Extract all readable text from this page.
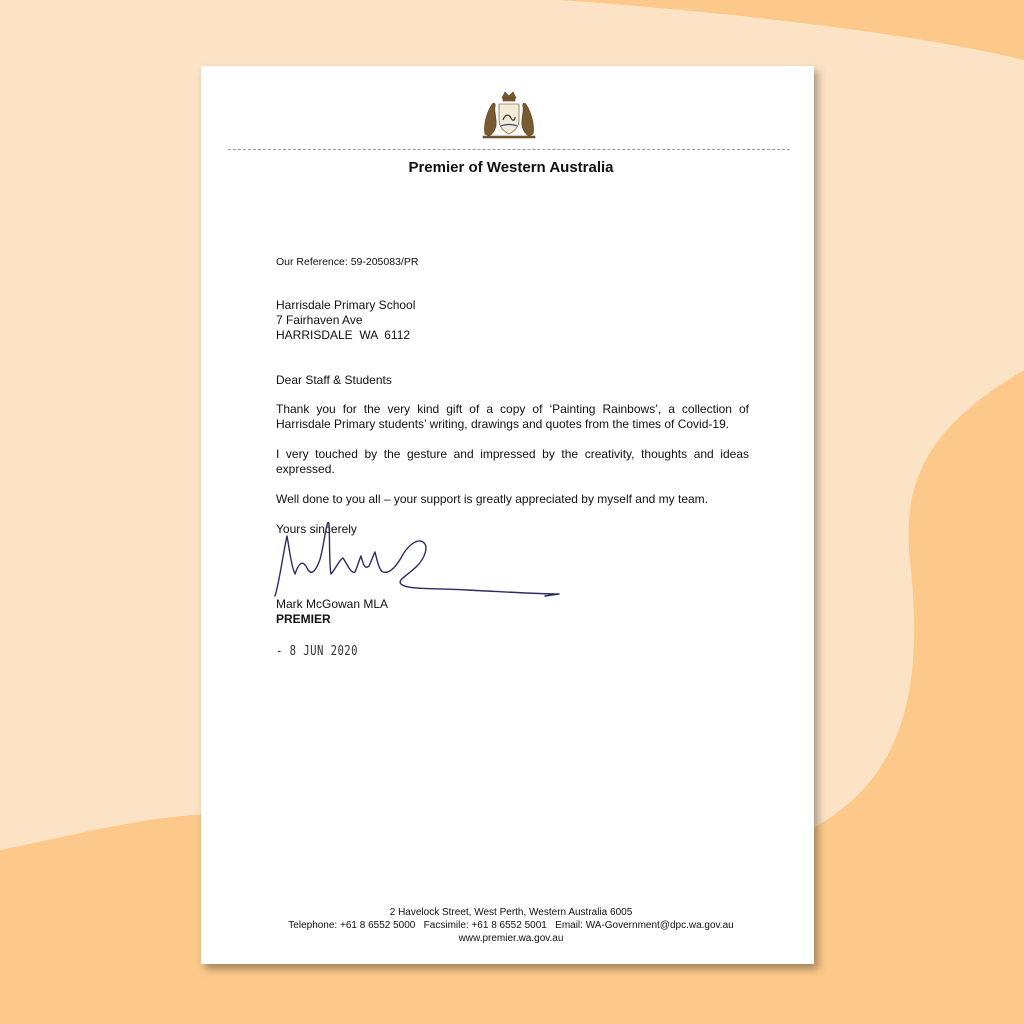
Premier of Western Australia
Our Reference: 59-205083/PR
Harrisdale Primary School
7 Fairhaven Ave
HARRISDALE  WA  6112
Dear Staff & Students
Thank you for the very kind gift of a copy of ‘Painting Rainbows’, a collection of Harrisdale Primary students’ writing, drawings and quotes from the times of Covid-19.
I very touched by the gesture and impressed by the creativity, thoughts and ideas expressed.
Well done to you all – your support is greatly appreciated by myself and my team.
Yours sincerely
Mark McGowan MLA
PREMIER
- 8 JUN 2020
2 Havelock Street, West Perth, Western Australia 6005
Telephone: +61 8 6552 5000   Facsimile: +61 8 6552 5001   Email: WA-Government@dpc.wa.gov.au
www.premier.wa.gov.au
